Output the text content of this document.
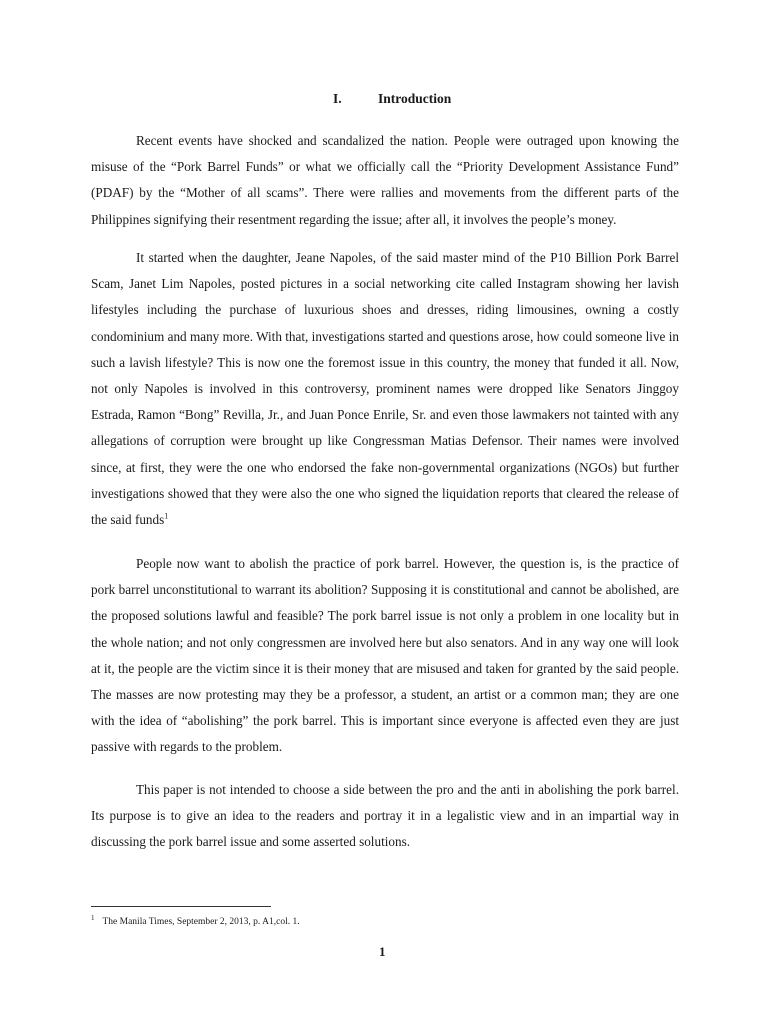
I.	Introduction

Recent events have shocked and scandalized the nation. People were outraged upon knowing the misuse of the “Pork Barrel Funds” or what we officially call the “Priority Development Assistance Fund” (PDAF) by the “Mother of all scams”. There were rallies and movements from the different parts of the Philippines signifying their resentment regarding the issue; after all, it involves the people’s money.

It started when the daughter, Jeane Napoles, of the said master mind of the P10 Billion Pork Barrel Scam, Janet Lim Napoles, posted pictures in a social networking cite called Instagram showing her lavish lifestyles including the purchase of luxurious shoes and dresses, riding limousines, owning a costly condominium and many more. With that, investigations started and questions arose, how could someone live in such a lavish lifestyle? This is now one the foremost issue in this country, the money that funded it all. Now, not only Napoles is involved in this controversy, prominent names were dropped like Senators Jinggoy Estrada, Ramon “Bong” Revilla, Jr., and Juan Ponce Enrile, Sr. and even those lawmakers not tainted with any allegations of corruption were brought up like Congressman Matias Defensor. Their names were involved since, at first, they were the one who endorsed the fake non-governmental organizations (NGOs) but further investigations showed that they were also the one who signed the liquidation reports that cleared the release of the said funds$^1$

People now want to abolish the practice of pork barrel. However, the question is, is the practice of pork barrel unconstitutional to warrant its abolition? Supposing it is constitutional and cannot be abolished, are the proposed solutions lawful and feasible? The pork barrel issue is not only a problem in one locality but in the whole nation; and not only congressmen are involved here but also senators. And in any way one will look at it, the people are the victim since it is their money that are misused and taken for granted by the said people. The masses are now protesting may they be a professor, a student, an artist or a common man; they are one with the idea of “abolishing” the pork barrel. This is important since everyone is affected even they are just passive with regards to the problem.

This paper is not intended to choose a side between the pro and the anti in abolishing the pork barrel. Its purpose is to give an idea to the readers and portray it in a legalistic view and in an impartial way in discussing the pork barrel issue and some asserted solutions.

$^1$ The Manila Times, September 2, 2013, p. A1,col. 1.
1
